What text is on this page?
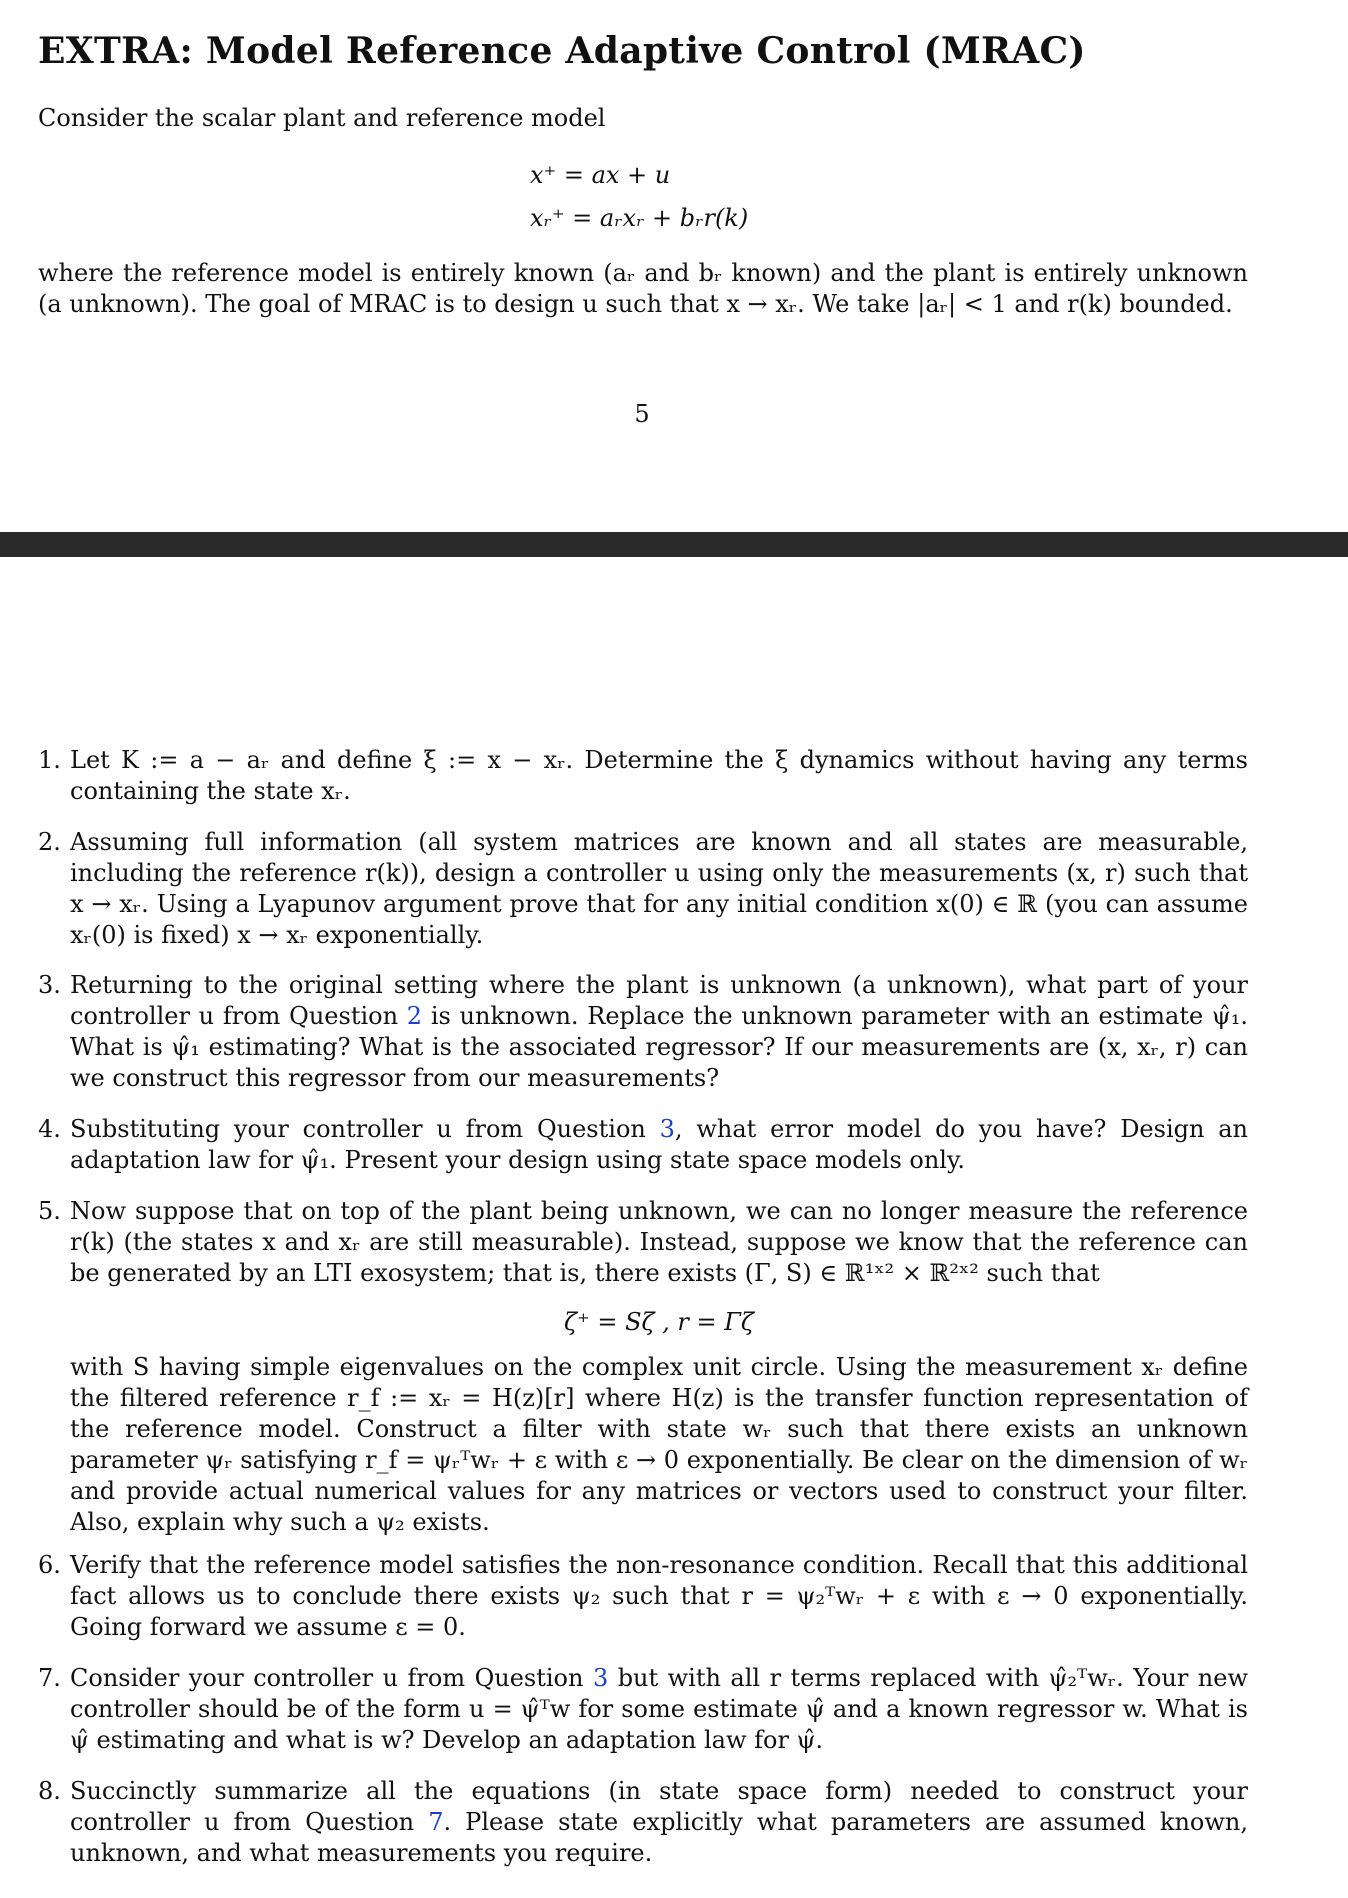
EXTRA: Model Reference Adaptive Control (MRAC)

Consider the scalar plant and reference model

x⁺ = ax + u
xᵣ⁺ = aᵣxᵣ + bᵣr(k)

where the reference model is entirely known (aᵣ and bᵣ known) and the plant is entirely unknown (a unknown). The goal of MRAC is to design u such that x → xᵣ. We take |aᵣ| < 1 and r(k) bounded.

5
1. Let K := a − aᵣ and define ξ := x − xᵣ. Determine the ξ dynamics without having any terms containing the state xᵣ.
2. Assuming full information (all system matrices are known and all states are measurable, including the reference r(k)), design a controller u using only the measurements (x, r) such that x → xᵣ. Using a Lyapunov argument prove that for any initial condition x(0) ∈ ℝ (you can assume xᵣ(0) is fixed) x → xᵣ exponentially.
3. Returning to the original setting where the plant is unknown (a unknown), what part of your controller u from Question 2 is unknown. Replace the unknown parameter with an estimate ψ̂₁. What is ψ̂₁ estimating? What is the associated regressor? If our measurements are (x, xᵣ, r) can we construct this regressor from our measurements?
4. Substituting your controller u from Question 3, what error model do you have? Design an adaptation law for ψ̂₁. Present your design using state space models only.
5. Now suppose that on top of the plant being unknown, we can no longer measure the reference r(k) (the states x and xᵣ are still measurable). Instead, suppose we know that the reference can be generated by an LTI exosystem; that is, there exists (Γ, S) ∈ ℝ¹ˣ² × ℝ²ˣ² such that
ζ⁺ = Sζ , r = Γζ
with S having simple eigenvalues on the complex unit circle. Using the measurement xᵣ define the filtered reference r_f := xᵣ = H(z)[r] where H(z) is the transfer function representation of the reference model. Construct a filter with state wᵣ such that there exists an unknown parameter ψᵣ satisfying r_f = ψᵣᵀwᵣ + ε with ε → 0 exponentially. Be clear on the dimension of wᵣ and provide actual numerical values for any matrices or vectors used to construct your filter. Also, explain why such a ψ₂ exists.
6. Verify that the reference model satisfies the non-resonance condition. Recall that this additional fact allows us to conclude there exists ψ₂ such that r = ψ₂ᵀwᵣ + ε with ε → 0 exponentially. Going forward we assume ε = 0.
7. Consider your controller u from Question 3 but with all r terms replaced with ψ̂₂ᵀwᵣ. Your new controller should be of the form u = ψ̂ᵀw for some estimate ψ̂ and a known regressor w. What is ψ̂ estimating and what is w? Develop an adaptation law for ψ̂.
8. Succinctly summarize all the equations (in state space form) needed to construct your controller u from Question 7. Please state explicitly what parameters are assumed known, unknown, and what measurements you require.
